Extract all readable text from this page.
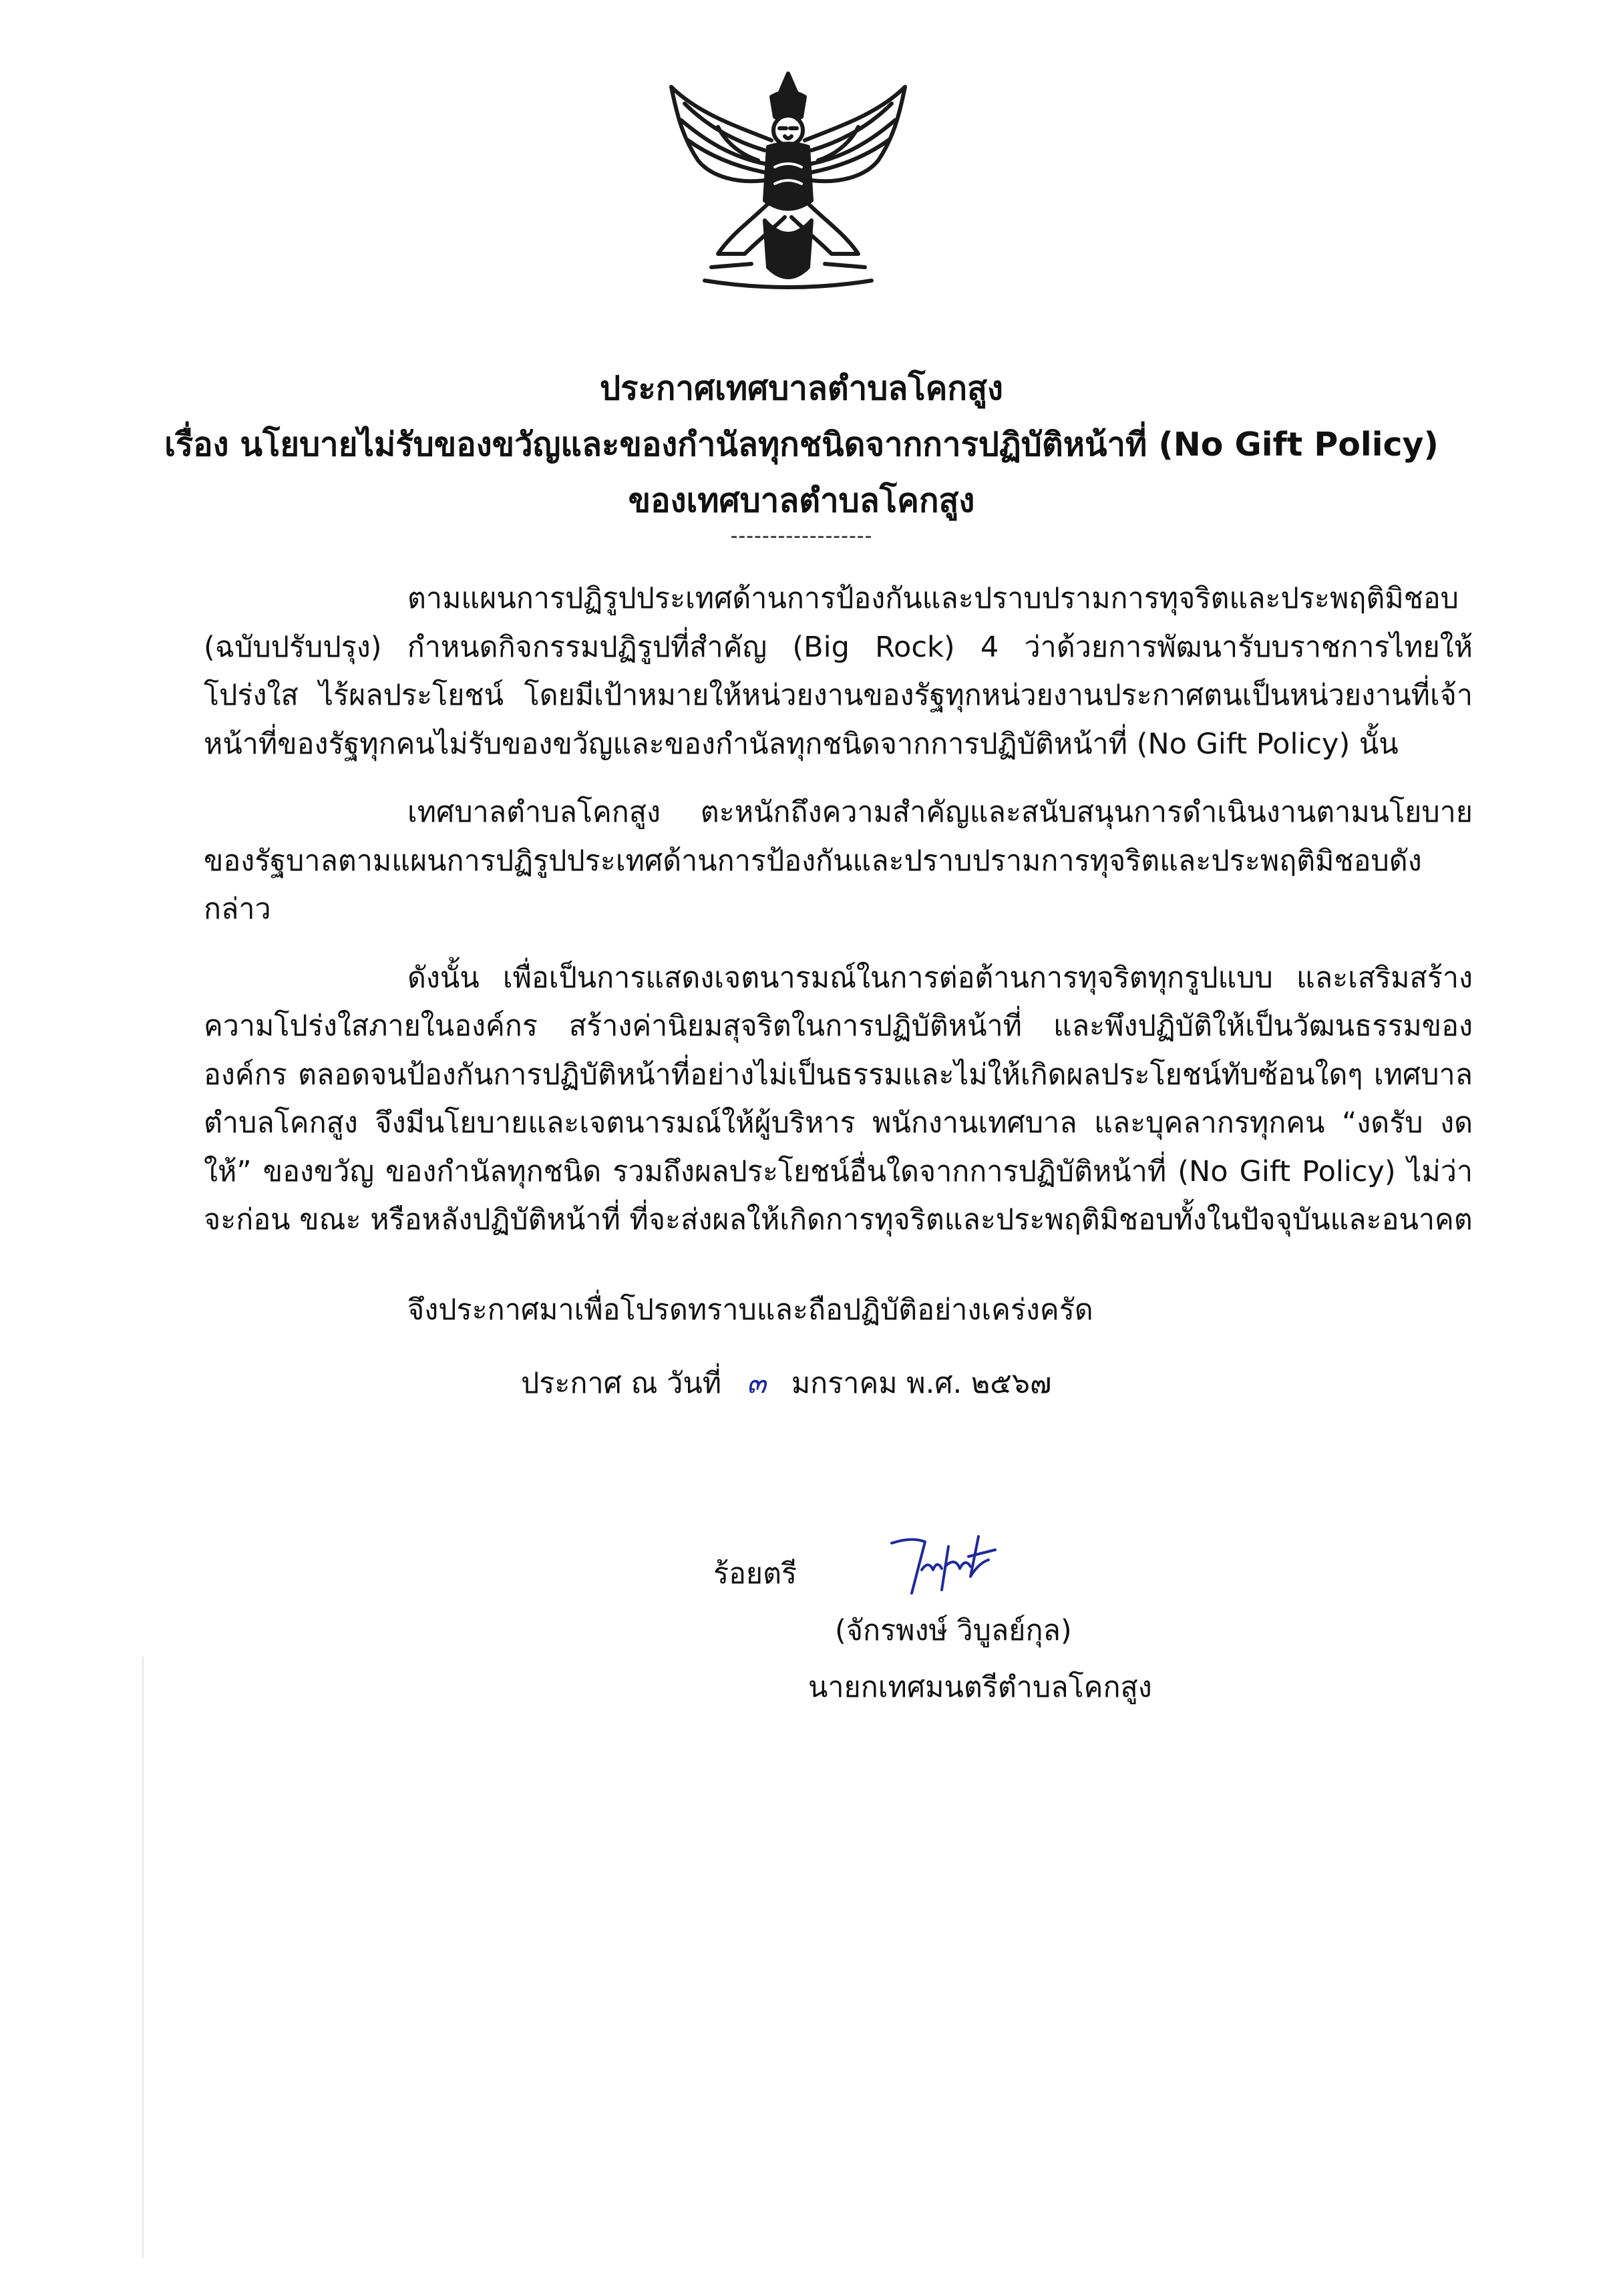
ประกาศเทศบาลตำบลโคกสูง
เรื่อง นโยบายไม่รับของขวัญและของกำนัลทุกชนิดจากการปฏิบัติหน้าที่ (No Gift Policy)
ของเทศบาลตำบลโคกสูง
------------------

ตามแผนการปฏิรูปประเทศด้านการป้องกันและปราบปรามการทุจริตและประพฤติมิชอบ (ฉบับปรับปรุง) กำหนดกิจกรรมปฏิรูปที่สำคัญ (Big Rock) 4 ว่าด้วยการพัฒนารับบราชการไทยให้โปร่งใส ไร้ผลประโยชน์ โดยมีเป้าหมายให้หน่วยงานของรัฐทุกหน่วยงานประกาศตนเป็นหน่วยงานที่เจ้าหน้าที่ของรัฐทุกคนไม่รับของขวัญและของกำนัลทุกชนิดจากการปฏิบัติหน้าที่ (No Gift Policy) นั้น

เทศบาลตำบลโคกสูง ตะหนักถึงความสำคัญและสนับสนุนการดำเนินงานตามนโยบายของรัฐบาลตามแผนการปฏิรูปประเทศด้านการป้องกันและปราบปรามการทุจริตและประพฤติมิชอบดังกล่าว

ดังนั้น เพื่อเป็นการแสดงเจตนารมณ์ในการต่อต้านการทุจริตทุกรูปแบบ และเสริมสร้างความโปร่งใสภายในองค์กร สร้างค่านิยมสุจริตในการปฏิบัติหน้าที่ และพึงปฏิบัติให้เป็นวัฒนธรรมขององค์กร ตลอดจนป้องกันการปฏิบัติหน้าที่อย่างไม่เป็นธรรมและไม่ให้เกิดผลประโยชน์ทับซ้อนใดๆ เทศบาลตำบลโคกสูง จึงมีนโยบายและเจตนารมณ์ให้ผู้บริหาร พนักงานเทศบาล และบุคลากรทุกคน “งดรับ งดให้” ของขวัญ ของกำนัลทุกชนิด รวมถึงผลประโยชน์อื่นใดจากการปฏิบัติหน้าที่ (No Gift Policy) ไม่ว่าจะก่อน ขณะ หรือหลังปฏิบัติหน้าที่ ที่จะส่งผลให้เกิดการทุจริตและประพฤติมิชอบทั้งในปัจจุบันและอนาคต

จึงประกาศมาเพื่อโปรดทราบและถือปฏิบัติอย่างเคร่งครัด
ประกาศ ณ วันที่ ๓ มกราคม พ.ศ. ๒๕๖๗
ร้อยตรี
(จักรพงษ์ วิบูลย์กุล)
นายกเทศมนตรีตำบลโคกสูง
